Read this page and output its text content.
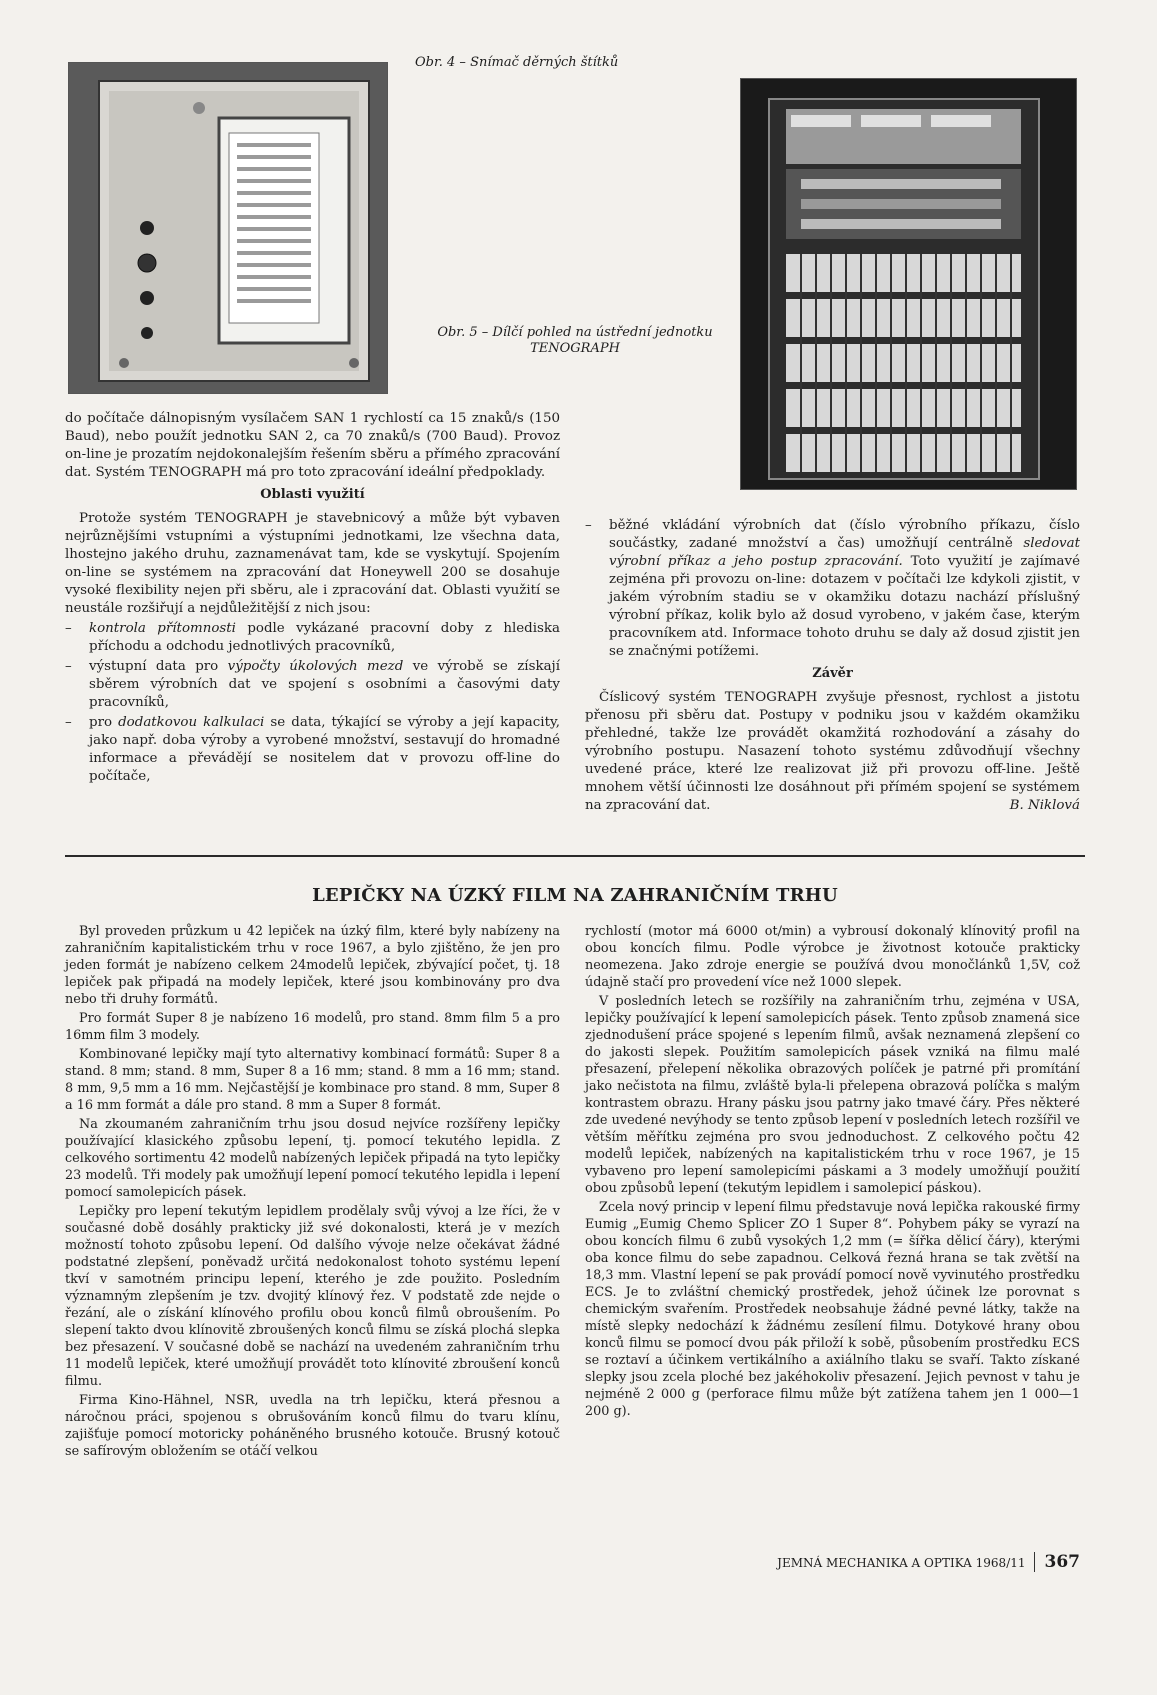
Obr. 4 – Snímač děrných štítků
Obr. 5 – Dílčí pohled na ústřední jednotku
TENOGRAPH

do počítače dálnopisným vysílačem SAN 1 rychlostí ca 15 znaků/s (150 Baud), nebo použít jednotku SAN 2, ca 70 znaků/s (700 Baud). Provoz on-line je prozatím nejdokonalejším řešením sběru a přímého zpracování dat. Systém TENOGRAPH má pro toto zpracování ideální předpoklady.

Oblasti využití

Protože systém TENOGRAPH je stavebnicový a může být vybaven nejrůznějšími vstupními a výstupními jednotkami, lze všechna data, lhostejno jakého druhu, zaznamenávat tam, kde se vyskytují. Spojením on-line se systémem na zpracování dat Honeywell 200 se dosahuje vysoké flexibility nejen při sběru, ale i zpracování dat. Oblasti využití se neustále rozšiřují a nejdůležitější z nich jsou:

– kontrola přítomnosti podle vykázané pracovní doby z hlediska příchodu a odchodu jednotlivých pracovníků,

– výstupní data pro výpočty úkolových mezd ve výrobě se získají sběrem výrobních dat ve spojení s osobními a časovými daty pracovníků,

– pro dodatkovou kalkulaci se data, týkající se výroby a její kapacity, jako např. doba výroby a vyrobené množství, sestavují do hromadné informace a převádějí se nositelem dat v provozu off-line do počítače,

– běžné vkládání výrobních dat (číslo výrobního příkazu, číslo součástky, zadané množství a čas) umožňují centrálně sledovat výrobní příkaz a jeho postup zpracování. Toto využití je zajímavé zejména při provozu on-line: dotazem v počítači lze kdykoli zjistit, v jakém výrobním stadiu se v okamžiku dotazu nachází příslušný výrobní příkaz, kolik bylo až dosud vyrobeno, v jakém čase, kterým pracovníkem atd. Informace tohoto druhu se daly až dosud zjistit jen se značnými potížemi.

Závěr

Číslicový systém TENOGRAPH zvyšuje přesnost, rychlost a jistotu přenosu při sběru dat. Postupy v podniku jsou v každém okamžiku přehledné, takže lze provádět okamžitá rozhodování a zásahy do výrobního postupu. Nasazení tohoto systému zdůvodňují všechny uvedené práce, které lze realizovat již při provozu off-line. Ještě mnohem větší účinnosti lze dosáhnout při přímém spojení se systémem na zpracování dat.	B. Niklová

LEPIČKY NA ÚZKÝ FILM NA ZAHRANIČNÍM TRHU

Byl proveden průzkum u 42 lepiček na úzký film, které byly nabízeny na zahraničním kapitalistickém trhu v roce 1967, a bylo zjištěno, že jen pro jeden formát je nabízeno celkem 24modelů lepiček, zbývající počet, tj. 18 lepiček pak připadá na modely lepiček, které jsou kombinovány pro dva nebo tři druhy formátů.

Pro formát Super 8 je nabízeno 16 modelů, pro stand. 8mm film 5 a pro 16mm film 3 modely.

Kombinované lepičky mají tyto alternativy kombinací formátů: Super 8 a stand. 8 mm; stand. 8 mm, Super 8 a 16 mm; stand. 8 mm a 16 mm; stand. 8 mm, 9,5 mm a 16 mm. Nejčastější je kombinace pro stand. 8 mm, Super 8 a 16 mm formát a dále pro stand. 8 mm a Super 8 formát.

Na zkoumaném zahraničním trhu jsou dosud nejvíce rozšířeny lepičky používající klasického způsobu lepení, tj. pomocí tekutého lepidla. Z celkového sortimentu 42 modelů nabízených lepiček připadá na tyto lepičky 23 modelů. Tři modely pak umožňují lepení pomocí tekutého lepidla i lepení pomocí samolepicích pásek.

Lepičky pro lepení tekutým lepidlem prodělaly svůj vývoj a lze říci, že v současné době dosáhly prakticky již své dokonalosti, která je v mezích možností tohoto způsobu lepení. Od dalšího vývoje nelze očekávat žádné podstatné zlepšení, poněvadž určitá nedokonalost tohoto systému lepení tkví v samotném principu lepení, kterého je zde použito. Posledním významným zlepšením je tzv. dvojitý klínový řez. V podstatě zde nejde o řezání, ale o získání klínového profilu obou konců filmů obroušením. Po slepení takto dvou klínovitě zbroušených konců filmu se získá plochá slepka bez přesazení. V současné době se nachází na uvedeném zahraničním trhu 11 modelů lepiček, které umožňují provádět toto klínovité zbroušení konců filmu.

Firma Kino-Hähnel, NSR, uvedla na trh lepičku, která přesnou a náročnou práci, spojenou s obrušováním konců filmu do tvaru klínu, zajišťuje pomocí motoricky poháněného brusného kotouče. Brusný kotouč se safírovým obložením se otáčí velkou

rychlostí (motor má 6000 ot/min) a vybrousí dokonalý klínovitý profil na obou koncích filmu. Podle výrobce je životnost kotouče prakticky neomezena. Jako zdroje energie se používá dvou monočlánků 1,5V, což údajně stačí pro provedení více než 1000 slepek.

V posledních letech se rozšířily na zahraničním trhu, zejména v USA, lepičky používající k lepení samolepicích pásek. Tento způsob znamená sice zjednodušení práce spojené s lepením filmů, avšak neznamená zlepšení co do jakosti slepek. Použitím samolepicích pásek vzniká na filmu malé přesazení, přelepení několika obrazových políček je patrné při promítání jako nečistota na filmu, zvláště byla-li přelepena obrazová políčka s malým kontrastem obrazu. Hrany pásku jsou patrny jako tmavé čáry. Přes některé zde uvedené nevýhody se tento způsob lepení v posledních letech rozšířil ve větším měřítku zejména pro svou jednoduchost. Z celkového počtu 42 modelů lepiček, nabízených na kapitalistickém trhu v roce 1967, je 15 vybaveno pro lepení samolepicími páskami a 3 modely umožňují použití obou způsobů lepení (tekutým lepidlem i samolepicí páskou).

Zcela nový princip v lepení filmu představuje nová lepička rakouské firmy Eumig „Eumig Chemo Splicer ZO 1 Super 8“. Pohybem páky se vyrazí na obou koncích filmu 6 zubů vysokých 1,2 mm (= šířka dělicí čáry), kterými oba konce filmu do sebe zapadnou. Celková řezná hrana se tak zvětší na 18,3 mm. Vlastní lepení se pak provádí pomocí nově vyvinutého prostředku ECS. Je to zvláštní chemický prostředek, jehož účinek lze porovnat s chemickým svařením. Prostředek neobsahuje žádné pevné látky, takže na místě slepky nedochází k žádnému zesílení filmu. Dotykové hrany obou konců filmu se pomocí dvou pák přiloží k sobě, působením prostředku ECS se roztaví a účinkem vertikálního a axiálního tlaku se svaří. Takto získané slepky jsou zcela ploché bez jakéhokoliv přesazení. Jejich pevnost v tahu je nejméně 2 000 g (perforace filmu může být zatížena tahem jen 1 000—1 200 g).

JEMNÁ MECHANIKA A OPTIKA 1968/11 367
